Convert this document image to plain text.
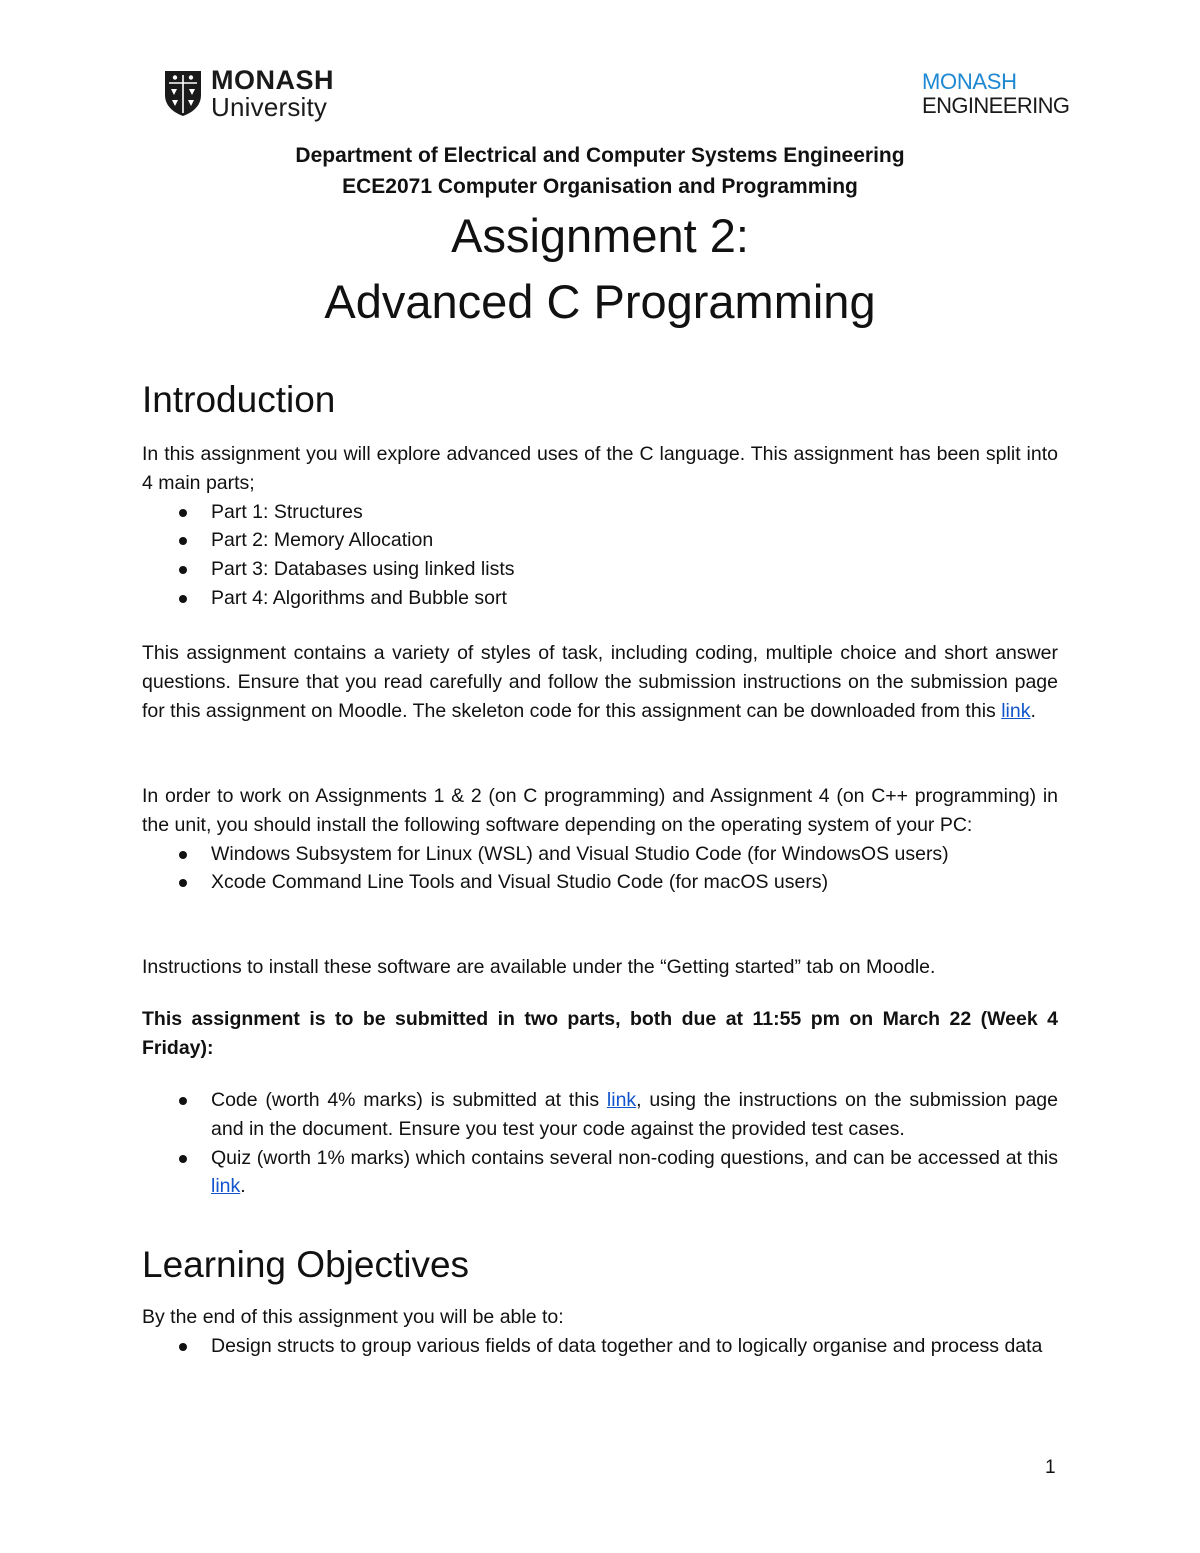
MONASH
University
MONASH
ENGINEERING
Department of Electrical and Computer Systems Engineering
ECE2071 Computer Organisation and Programming
Assignment 2:
Advanced C Programming
Introduction

In this assignment you will explore advanced uses of the C language. This assignment has been split into 4 main parts;

Part 1: Structures
Part 2: Memory Allocation
Part 3: Databases using linked lists
Part 4: Algorithms and Bubble sort

This assignment contains a variety of styles of task, including coding, multiple choice and short answer questions. Ensure that you read carefully and follow the submission instructions on the submission page for this assignment on Moodle. The skeleton code for this assignment can be downloaded from this link.

In order to work on Assignments 1 & 2 (on C programming) and Assignment 4 (on C++ programming) in the unit, you should install the following software depending on the operating system of your PC:

Windows Subsystem for Linux (WSL) and Visual Studio Code (for WindowsOS users)
Xcode Command Line Tools and Visual Studio Code (for macOS users)

Instructions to install these software are available under the “Getting started” tab on Moodle.

This assignment is to be submitted in two parts, both due at 11:55 pm on March 22 (Week 4 Friday):

Code (worth 4% marks) is submitted at this link, using the instructions on the submission page and in the document. Ensure you test your code against the provided test cases.
Quiz (worth 1% marks) which contains several non-coding questions, and can be accessed at this link.
Learning Objectives

By the end of this assignment you will be able to:

Design structs to group various fields of data together and to logically organise and process data
1
